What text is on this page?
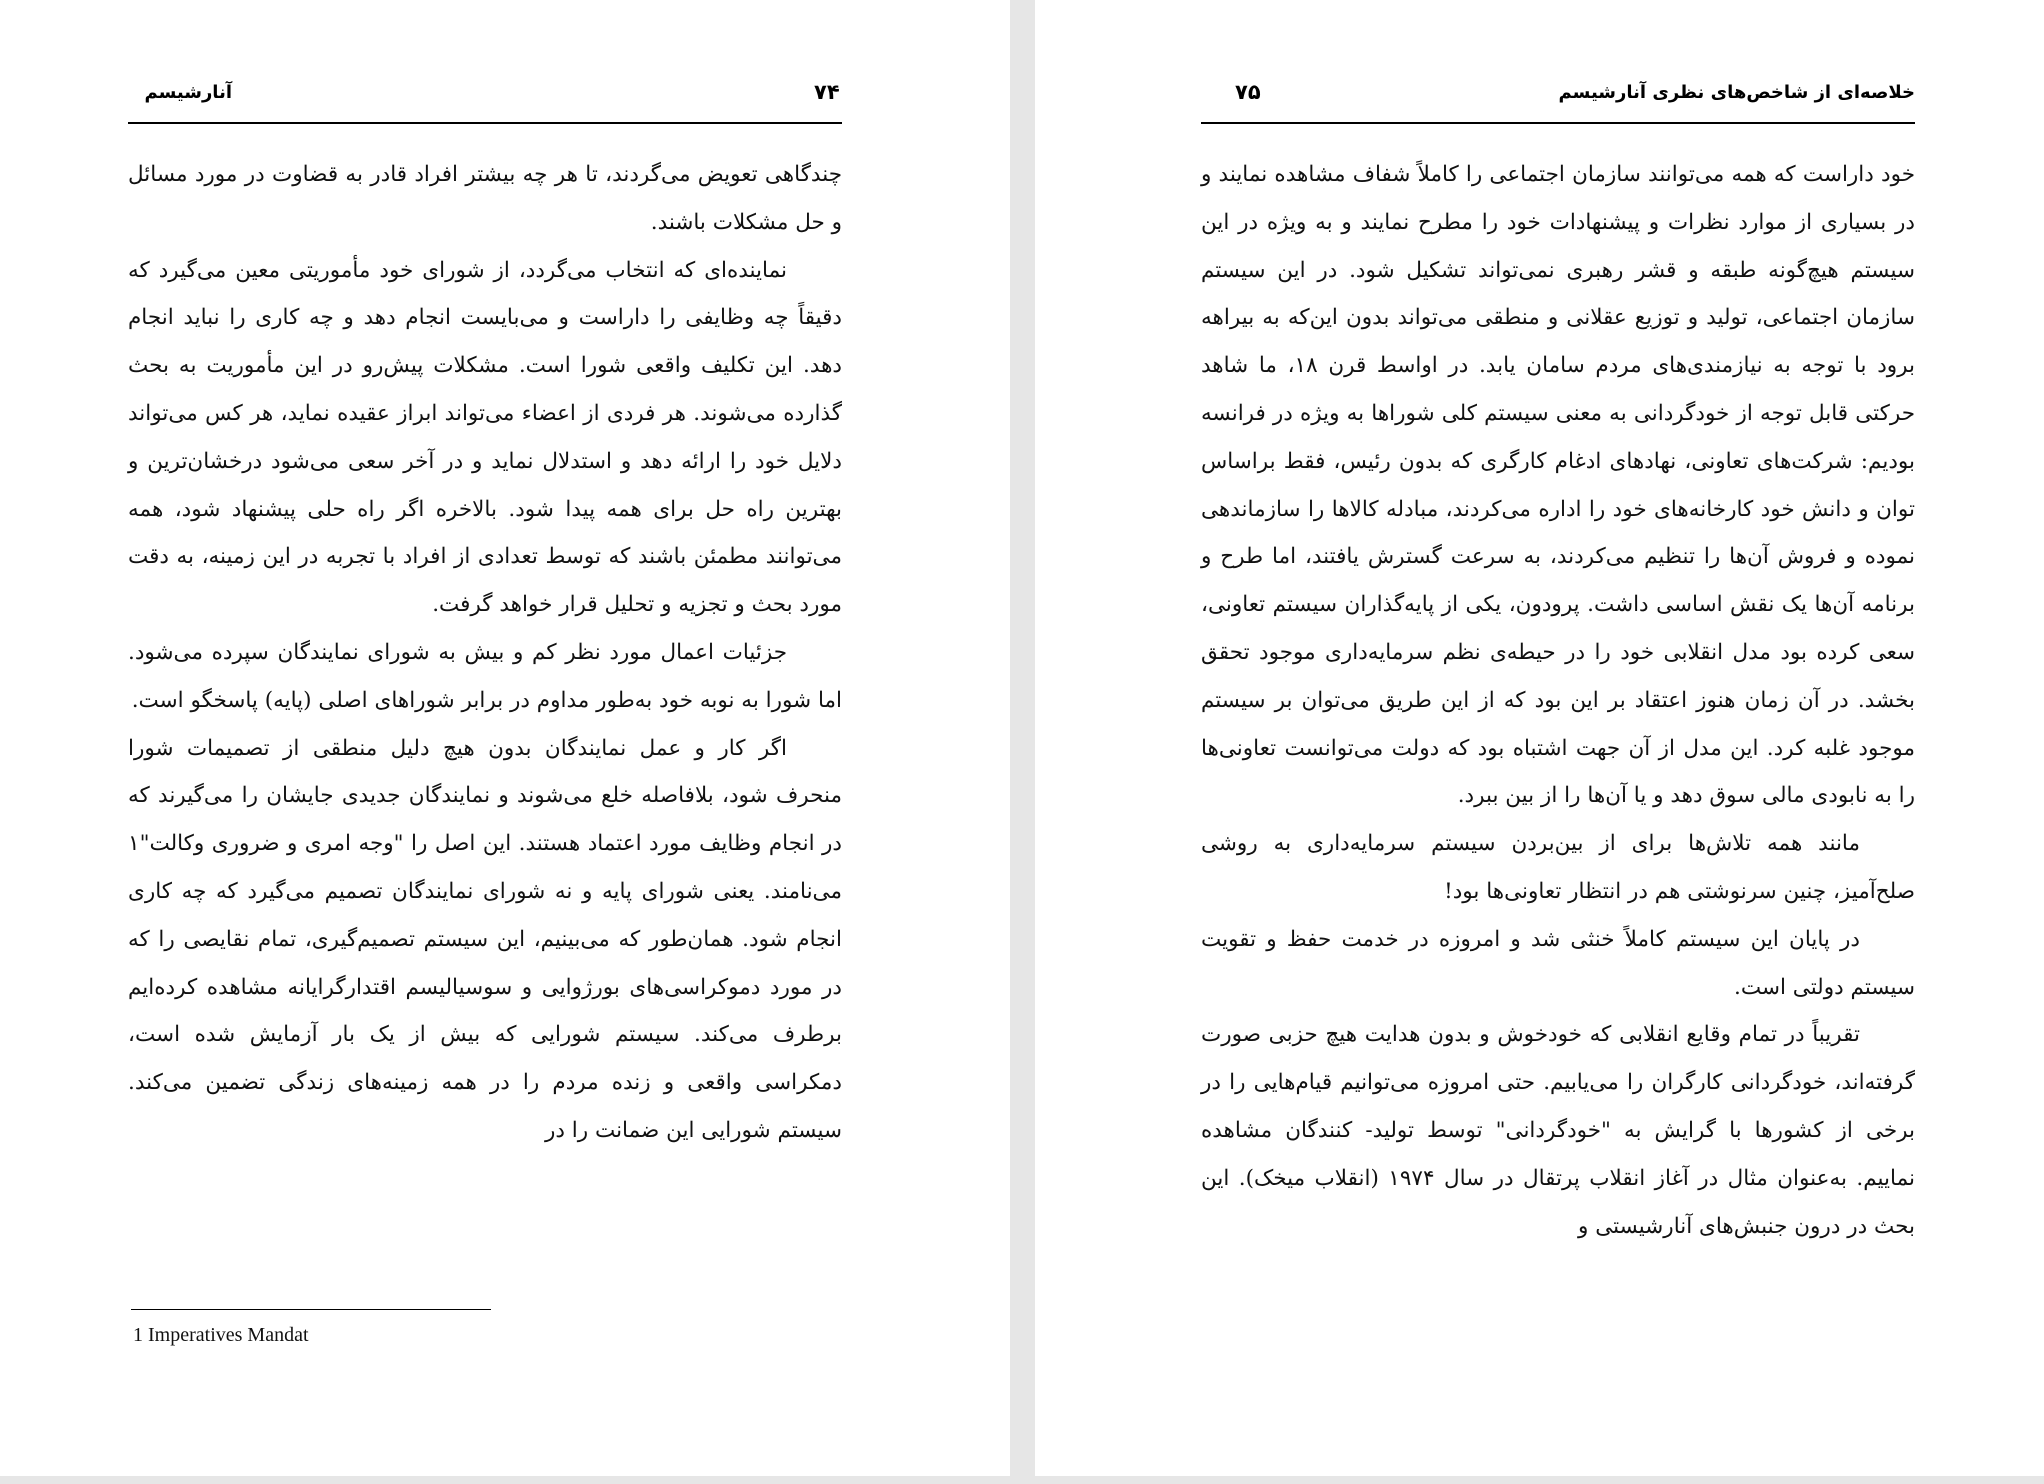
۷۴
آنارشیسم

چندگاهی تعویض می‌گردند، تا هر چه بیشتر افراد قادر به قضاوت در مورد مسائل و حل مشکلات باشند.

نماینده‌ای که انتخاب می‌گردد، از شورای خود مأموریتی معین می‌گیرد که دقیقاً چه وظایفی را داراست و می‌بایست انجام دهد و چه کاری را نباید انجام دهد. این تکلیف واقعی شورا است. مشکلات پیش‌رو در این مأموریت به بحث گذارده می‌شوند. هر فردی از اعضاء می‌تواند ابراز عقیده نماید، هر کس می‌تواند دلایل خود را ارائه دهد و استدلال نماید و در آخر سعی می‌شود درخشان‌ترین و بهترین راه حل برای همه پیدا شود. بالاخره اگر راه حلی پیشنهاد شود، همه می‌توانند مطمئن باشند که توسط تعدادی از افراد با تجربه در این زمینه، به دقت مورد بحث و تجزیه و تحلیل قرار خواهد گرفت.

جزئیات اعمال مورد نظر کم و بیش به شورای نمایندگان سپرده می‌شود. اما شورا به نوبه خود به‌طور مداوم در برابر شوراهای اصلی (پایه) پاسخگو است.

اگر کار و عمل نمایندگان بدون هیچ دلیل منطقی از تصمیمات شورا منحرف شود، بلافاصله خلع می‌شوند و نمایندگان جدیدی جایشان را می‌گیرند که در انجام وظایف مورد اعتماد هستند. این اصل را "وجه امری و ضروری وکالت"۱ می‌نامند. یعنی شورای پایه و نه شورای نمایندگان تصمیم می‌گیرد که چه کاری انجام شود. همان‌طور که می‌بینیم، این سیستم تصمیم‌گیری، تمام نقایصی را که در مورد دموکراسی‌های بورژوایی و سوسیالیسم اقتدارگرایانه مشاهده کرده‌ایم برطرف می‌کند. سیستم شورایی که بیش از یک بار آزمایش شده است، دمکراسی واقعی و زنده مردم را در همه زمینه‌های زندگی تضمین می‌کند. سیستم شورایی این ضمانت را در

1 Imperatives Mandat
۷۵	خلاصه‌ای از شاخص‌های نظری آنارشیسم

خود داراست که همه می‌توانند سازمان اجتماعی را کاملاً شفاف مشاهده نمایند و در بسیاری از موارد نظرات و پیشنهادات خود را مطرح نمایند و به ویژه در این سیستم هیچ‌گونه طبقه و قشر رهبری نمی‌تواند تشکیل شود. در این سیستم سازمان اجتماعی، تولید و توزیع عقلانی و منطقی می‌تواند بدون این‌که به بیراهه برود با توجه به نیازمندی‌های مردم سامان یابد. در اواسط قرن ۱۸، ما شاهد حرکتی قابل توجه از خودگردانی به معنی سیستم کلی شوراها به ویژه در فرانسه بودیم: شرکت‌های تعاونی، نهادهای ادغام کارگری که بدون رئیس، فقط براساس توان و دانش خود کارخانه‌های خود را اداره می‌کردند، مبادله کالاها را سازماندهی نموده و فروش آن‌ها را تنظیم می‌کردند، به سرعت گسترش یافتند، اما طرح و برنامه آن‌ها یک نقش اساسی داشت. پرودون، یکی از پایه‌گذاران سیستم تعاونی، سعی کرده بود مدل انقلابی خود را در حیطه‌ی نظم سرمایه‌داری موجود تحقق بخشد. در آن زمان هنوز اعتقاد بر این بود که از این طریق می‌توان بر سیستم موجود غلبه کرد. این مدل از آن جهت اشتباه بود که دولت می‌توانست تعاونی‌ها را به نابودی مالی سوق دهد و یا آن‌ها را از بین ببرد.

مانند همه تلاش‌ها برای از بین‌بردن سیستم سرمایه‌داری به روشی صلح‌آمیز، چنین سرنوشتی هم در انتظار تعاونی‌ها بود!

در پایان این سیستم کاملاً خنثی شد و امروزه در خدمت حفظ و تقویت سیستم دولتی است.

تقریباً در تمام وقایع انقلابی که خودخوش و بدون هدایت هیچ حزبی صورت گرفته‌اند، خودگردانی کارگران را می‌یابیم. حتی امروزه می‌توانیم قیام‌هایی را در برخی از کشورها با گرایش به "خودگردانی" توسط تولید- کنندگان مشاهده نماییم. به‌عنوان مثال در آغاز انقلاب پرتقال در سال ۱۹۷۴ (انقلاب میخک). این بحث در درون جنبش‌های آنارشیستی و
